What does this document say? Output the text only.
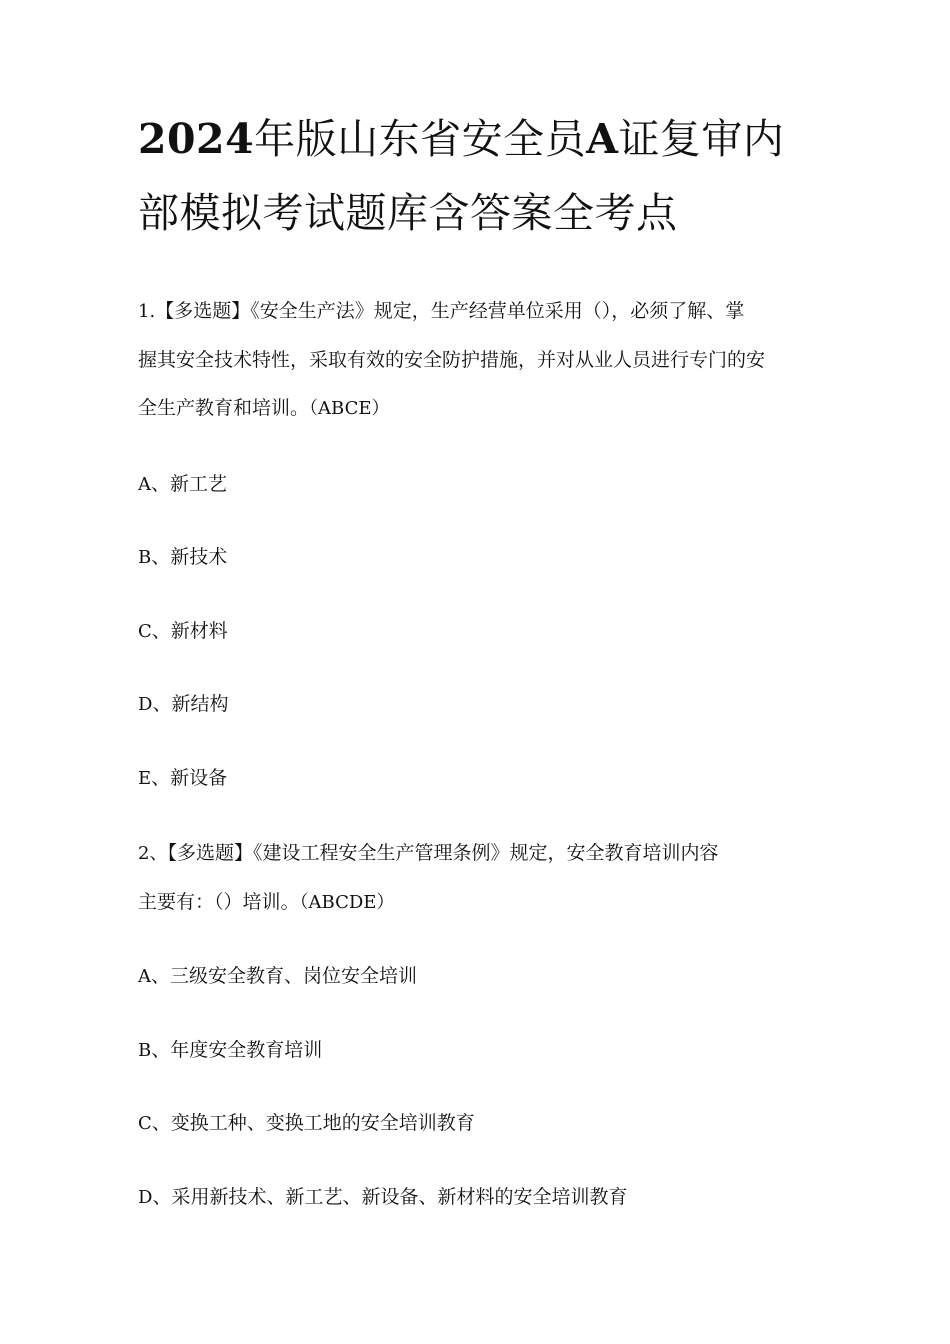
2024年版山东省安全员A证复审内
部模拟考试题库含答案全考点
1.【多选题】《安全生产法》规定，生产经营单位采用（），必须了解、掌
握其安全技术特性，采取有效的安全防护措施，并对从业人员进行专门的安
全生产教育和培训。（ABCE）
A、新工艺
B、新技术
C、新材料
D、新结构
E、新设备
2、【多选题】《建设工程安全生产管理条例》规定，安全教育培训内容
主要有：（）培训。（ABCDE）
A、三级安全教育、岗位安全培训
B、年度安全教育培训
C、变换工种、变换工地的安全培训教育
D、采用新技术、新工艺、新设备、新材料的安全培训教育
